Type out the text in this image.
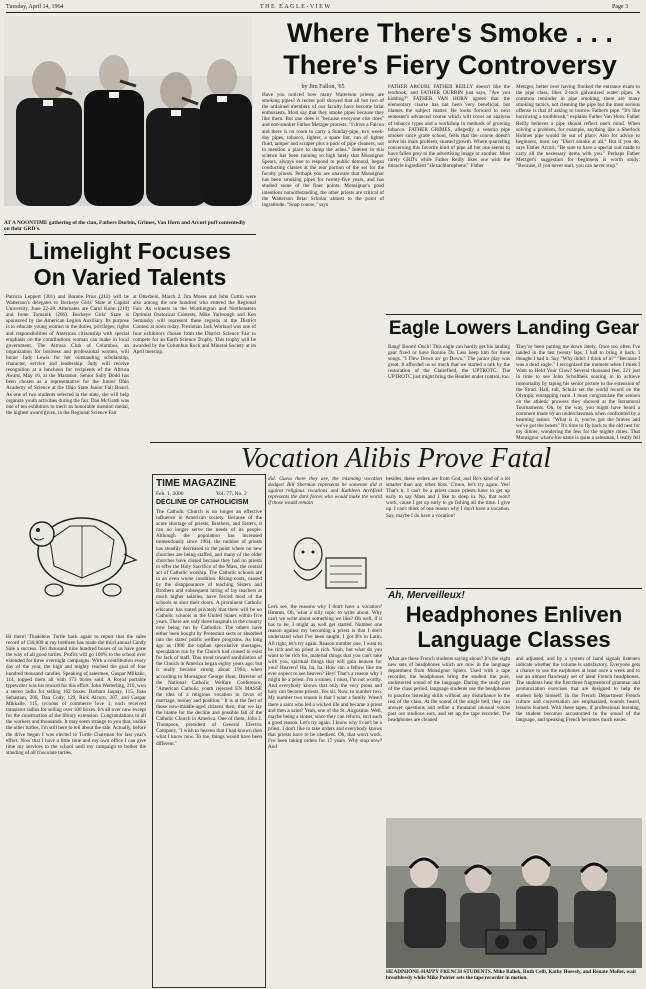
Tuesday, April 14, 1964	THE EAGLE-VIEW	Page 3
AT A NOONTIME gathering of the clan, Fathers Durbin, Grimes, Van Horn and Arcuri puff contentedly on their GRD's.
Where There's Smoke . . .
There's Fiery Controversy
by Jim Fallon, '65
Have you noticed how many Watterson priests are smoking pipes? A recent poll showed that all but two of the ordained members of our faculty have become briar enthusiasts. Most say that they smoke pipes because they like them. But one does it "because everyone else does" and non-smoker Father Metzger protests. "I drive a Falcon and there is no room to carry a Sunday-pipe, two week-day pipes, tobacco, lighter, a spare lint, can of lighter fluid, tamper and scraper plus a pack of pipe cleaners, not to mention a place to dump the ashes." Interest in this science has been running so high lately that Monsignor Spears, always one to respond to public demand, began conducting classes at the rear portion of the set for the faculty priests. Perhaps you are unaware that Monsignor has been smoking pipes for twenty-five years, and has studied some of the finer points. Monsignor's good intentions notwithstanding, the other priests are critical of the Watterson Briar Scholar almost to the point of ingratitude. "Snap course," says
FATHER ARCURI. FATHER REILLY doesn't like the textbook, and FATHER DURBIN just says, "Are you kidding?" FATHER VAN HORN agrees that the elementary course has not been very beneficial, but blames the subject matter. He looks forward to next semester's advanced course which will cover an analysis of tobacco types and a workshop in methods of growing tobacco. FATHER GRIMES, allegedly a veteran pipe smoker since grade school, feels that the course doesn't solve his main problem, stunted growth. Where quarreling concerning this favorite kind of pipe all but one seems to have fallen prey to the advertising image or another. Most rarely GRD's while Father Reilly likes one with the miracle ingredient "Hexachlorophene." Father
Metzger, better over having flunked the entrance exam to the pipe class, likes 2-inch galvanized water pipes. A common reminder in pipe smoking, there are many smoking tactics, not cleaning the pipe but the most serious offense is that of asking to borrow Father's pipe. "It's like borrowing a toothbrush," explains Father Van Horn. Father Reilly believes a pipe should reflect one's mind. When solving a problem, for example, anything like a Sherlock Holmes pipe would be out of place. Also for advice to beginners, most say "Don't smoke at all." But if you do, says Father Arcuri, "Be sure to have a special suit made to carry all the necessary items with you." Perhaps Father Metzger's suggestion for beginners is worth study: "Because, if you never start, you can never stop."
Limelight Focuses
On Varied Talents
Patricia Leppert (301) and Bonnie Prior (212) will be Watterson's delegates to Buckeye Girls' State at Capital University, June 22-28. Alternates are Carol Kuhn (210) and Irene Tomanik (206). Buckeye Girls' State is sponsored by the American Legion Auxiliary. Its purpose is to educate young women in the duties, privileges, rights and responsibilities of American citizenship with special emphasis on the contributions woman can make in local government. The Altrusa Club of Columbus, an organization for business and professional women, will honor Judy Lewis for her outstanding scholarship, character, service and leadership. Judy will receive recognition at a luncheon for recipients of the Altrusa Award, May 16, at the Maramor. Senior Sally Dodd has been chosen as a representative for the Junior Ohio Academy of Science at the Ohio State Junior Fair Board. As one of two students selected in the state, she will help organize youth activities during the fair. Dan McGrath was one of ten exhibitors to merit an honorable mention medal, the highest award given, in the Regional Science Fair
at Otterbein, March 2. Jim Moses and John Curtin were also among the one hundred who entered the Regional Fair. As winners in the Worthington and Northeastern Optimist Oratorical Contests, Mike Yarbrough and Ken Seminsky will represent these regions at the District Contest at noon today. Freshman Jack Worland was one of four exhibitors chosen from the District Science Fair to compete for an Earth Science Trophy. This trophy will be awarded by the Columbus Rock and Mineral Society at its April meeting.
Eagle Lowers Landing Gear
Bang! Boom! Ouch! This eagle can hardly get his landing gear fixed or have Ronnie Du Lass keep him for three songs. "I Flew Down an' go Down." The junior play was great. It afforded us so much that we started a talk by the restoration of the Clairefield, the UPTROTC. The UPTROTC just might bring the Beatles under control, too.
They've been putting me down lately. Once too often I've landed in the last twenty laps, I had to bring it back. I thought I had it. Say "Why didn't I think of it?" "Because I was a dead eagle." I recognized the moment when I think I Want to Hold Your Claw? Several thousand feet, 221 just in time to see John Schultheis soaring in to achieve immortality by taping his senior picture to the extension of the Strad. Hail, tall, Schulz set the world record on the Olympic entrapping team. I must congratulate the seniors on the athletic prowess they showed at the Intramural Tournaments. Oh, by the way, you might have heard a comment made by an underclassman when confronted by a beaming senior. "What is it, you've got the braves and we've got the beasts" It's time to fly back to the old nest for my dinner, wondering the fess for the mighty mites. That Monsignor what's-his-name is quite a salesman, I really fell
Vocation Alibis Prove Fatal
TIME MAGAZINE
Feb. 1, 2000	Vol. 77, No. 2
DECLINE OF CATHOLICISM
The Catholic Church is no longer an effective influence in American society. Because of the acute shortage of priests, Brothers, and Sisters, it can no longer serve the needs of its people. Although the population has increased tremendously since 1964, the number of priests has steadily decreased to the point where no new churches are being staffed, and many of the older churches have closed because they had no priests to offer the Holy Sacrifice of the Mass, the central act of Catholic worship. The Catholic schools are in an even worse condition. Rising costs, caused by the disappearance of teaching Sisters and Brothers and subsequent hiring of lay teachers at much higher salaries, have forced most of the schools to shut their doors. A prominent Catholic educator has stated privately that there will be no Catholic schools in the United States within five years. There are only three hospitals in the country now being run by Catholics. The others have either been bought by Protestant sects or absorbed into the states' public welfare programs. As long ago as 1980 the orphan speculative shortages, speculation run by the Church had ceased to exist for lack of staff. This trend toward annihilation of the Church in America began eighty years ago; but it really became strong about 1964, when according to Monsignor George Hunt, Director of the National Catholic Welfare Conference, "American Catholic youth rejected EN MASSE the idea of a religious vocation in favor of marriage, money and position." It is at the feet of those now-middle-aged citizens then, that we lay the blame for the decline and possible fall of the Catholic Church in America. One of them, John J. Thompson, president of General Electric Company, "I wish to heaven that I had known then what I know now. To me, things would have been different."
did. Guess there they are, the mismong vocation dodges! Bill Sherman represents he someone did it against religious vocations and Kathleen Archfield represents the dark forces who would make the world if those would remain
Let's see, the reasons why I don't have a vocation? Hmmm. Oh, what a silly topic to write about. Why can't we write about something we like? Oh well, if it has to be, I might as well get started. Number one reason against my becoming a priest is that I don't understand what I've been taught. I got B's in Latin. All right, let's try again. Reason number one, I want to be rich and no priest is rich. Yeah, but what do you want to be rich for, material things that you can't take with you, spiritual things that will gain heaven for you? Heaven? Ha, ha, ha. How can a fellow like me ever expect to see heaven? Hey! That's a reason why I might be a priest. I'm a sinner, I must, I'm not worthy. And everybody knows that only the very pious and holy can become priests. Yes sir. Now, to number two. My number two reason is that I want a family. Wasn't there a saint who led a wicked life and became a priest and then a saint? Yeah, one of the St. Augustine. Well, maybe being a sinner, since they can reform, isn't such a good reason. Let's try again. I know why I can't be a priest. I don't like to take orders and everybody knows that priests have to be obedient. Oh, that won't work. I've been taking orders for 17 years. Why stop now? And
besides, these orders are from God, and He's kind of a lot smarter than any other boss. C'mon, let's try again. Yes! That's it. I can't be a priest cause priests have to get up early to say Mass and I like to sleep in. No, that won't work, cause I get up early to go fishing all the time. I give up. I can't think of one reason why I don't have a vocation. Say, maybe I do have a vocation!
Hi there! Thadeleus Turtle back again to report that the sales record of 130,000 at my brethren has made the third annual Candy Sale a success. Ten thousand nine hundred boxes of us have gone the way of all good turtles. Profits will go 100% to the school ever extended for three overnight campaigns. With a contribution every day of the year, the high and mighty reached the goal of four hundred thousand candies. Speaking of salesmen, Gaspar Milkalic, 114, topped them all with 173 boxes sold. A Royal portable typewriter was his reward for this effort. John Wetterling, 216, won a stereo radio for selling 162 boxes. Barbara Jaquay, 115, Joan Sebastian, 208, Dan Cody, 129, Rick Alcorn, 207, and Gaspar Mikkalie, 115, tycoons of commerce love 1, each received transistor radios for selling over 100 boxes. It's all over now except for the construction of the library extension. Congratulations to all the workers and thousands. It may seem strange to you that, unlike the other turtles, I'm still here to tell about the sale. Actually, before the drive began I was elected to Turtle Chairman for last year's effort. Now that I have a little time and my own office I can give time my services to the school until my campaign to bother the standing of all chocolate turtles.
Ah, Merveilleux!
Headphones Enliven
Language Classes
What are these French students saying about? It's the eight new sets of headphones which are now in the language department from Monsignor Spiers. Used with a tape recorder, the headphones bring the student the pure, undistorted sound of the language. During the study part of the class period, language students use the headphones to practice listening skills without any disturbance to the rest of the class. At the sound of the single bell, they can answer questions and refine a thousand unusual voices past our studious ears, and set up the tape recorder. The headphones are cleaned
and adjusted, and by a system of hand signals listeners indicate whether the volume is satisfactory. Everyone gets a chance to use the earphones at least once a week and to use an almost flawlessly set of ideal French headphones. The students hear the first three fragments of grammar and pronunciation exercises that are designed to help the student help himself. In the French Department French culture and conversation are emphasized, sounds heard, lessons learned. With these tapes, if professional learning, the student becomes accustomed to the sound of the language, and speaking French becomes much easier.
HEADPHONE-HAPPY FRENCH STUDENTS. Mike Ballek, Ruth Celli, Kathy Hoessly, and Renate Moller, wait breathlessly while Mike Poirier sets the tape recorder in motion.
